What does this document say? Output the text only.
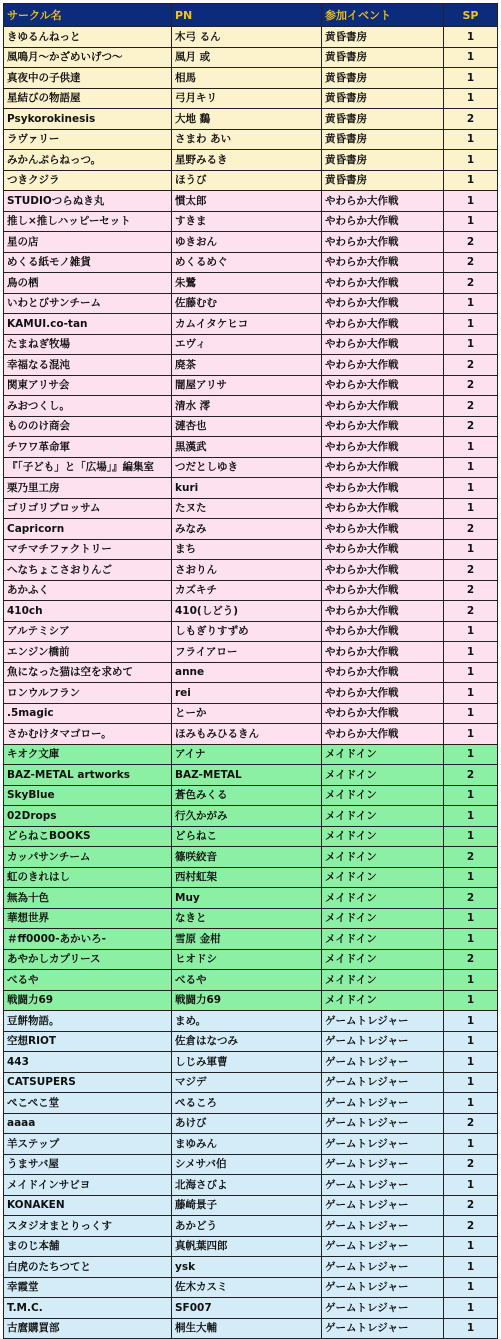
サークル名	PN	参加イベント	SP
きゆるんねっと	木弓 るん	黄昏書房	1
風鳴月～かざめいげつ～	風月 或	黄昏書房	1
真夜中の子供達	相馬	黄昏書房	1
星結びの物語屋	弓月キリ	黄昏書房	1
Psykorokinesis	大地 鷭	黄昏書房	2
ラヴァリー	さまわ あい	黄昏書房	1
みかんぷらねっつ。	星野みるき	黄昏書房	1
つきクジラ	ほうび	黄昏書房	1
STUDIOつらぬき丸	慣太郎	やわらか大作戦	1
推し×推しハッピーセット	すきま	やわらか大作戦	1
星の店	ゆきおん	やわらか大作戦	2
めくる紙モノ雑貨	めくるめぐ	やわらか大作戦	2
鳥の栖	朱鷺	やわらか大作戦	2
いわとびサンチーム	佐藤むむ	やわらか大作戦	1
KAMUI.co-tan	カムイタケヒコ	やわらか大作戦	1
たまねぎ牧場	エヴィ	やわらか大作戦	1
幸福なる混沌	廃茶	やわらか大作戦	2
関東アリサ会	闇屋アリサ	やわらか大作戦	2
みおつくし。	清水 澪	やわらか大作戦	2
もののけ商会	漣杏也	やわらか大作戦	2
チワワ革命軍	黒漢武	やわらか大作戦	1
『「子ども」と「広場」』編集室	つだとしゆき	やわらか大作戦	1
栗乃里工房	kuri	やわらか大作戦	1
ゴリゴリブロッサム	たヌた	やわらか大作戦	1
Capricorn	みなみ	やわらか大作戦	2
マチマチファクトリー	まち	やわらか大作戦	1
へなちょこさおりんご	さおりん	やわらか大作戦	2
あかふく	カズキチ	やわらか大作戦	2
410ch	410(しどう)	やわらか大作戦	2
アルテミシア	しもぎりすずめ	やわらか大作戦	1
エンジン橋前	フライアロー	やわらか大作戦	1
魚になった猫は空を求めて	anne	やわらか大作戦	1
ロンウルフラン	rei	やわらか大作戦	1
.5magic	とーか	やわらか大作戦	1
さかむけタマゴロー。	ほみもみひるきん	やわらか大作戦	1
キオク文庫	アイナ	メイドイン	1
BAZ-METAL artworks	BAZ-METAL	メイドイン	2
SkyBlue	蒼色みくる	メイドイン	1
02Drops	行久かがみ	メイドイン	1
どらねこBOOKS	どらねこ	メイドイン	1
カッパサンチーム	篠咲絞音	メイドイン	2
虹のきれはし	西村虹架	メイドイン	1
無為十色	Muy	メイドイン	2
華想世界	なきと	メイドイン	1
＃ff0000-あかいろ-	雪原 金柑	メイドイン	1
あやかしカプリース	ヒオドシ	メイドイン	2
べるや	べるや	メイドイン	1
戦闘力69	戦闘力69	メイドイン	1
豆餅物語。	まめ。	ゲームトレジャー	1
空想RIOT	佐倉はなつみ	ゲームトレジャー	1
443	しじみ軍曹	ゲームトレジャー	1
CATSUPERS	マジデ	ゲームトレジャー	1
ぺこぺこ堂	ぺるころ	ゲームトレジャー	1
aaaa	あけび	ゲームトレジャー	2
羊ステップ	まゆみん	ゲームトレジャー	1
うまサバ屋	シメサバ伯	ゲームトレジャー	2
メイドインサビヨ	北海さびよ	ゲームトレジャー	1
KONAKEN	藤崎景子	ゲームトレジャー	2
スタジオまとりっくす	あかどう	ゲームトレジャー	2
まのじ本舗	真帆葉四郎	ゲームトレジャー	1
白虎のたちつてと	ysk	ゲームトレジャー	1
幸霞堂	佐木カスミ	ゲームトレジャー	1
T.M.C.	SF007	ゲームトレジャー	1
古麿購買部	桐生大輔	ゲームトレジャー	1
